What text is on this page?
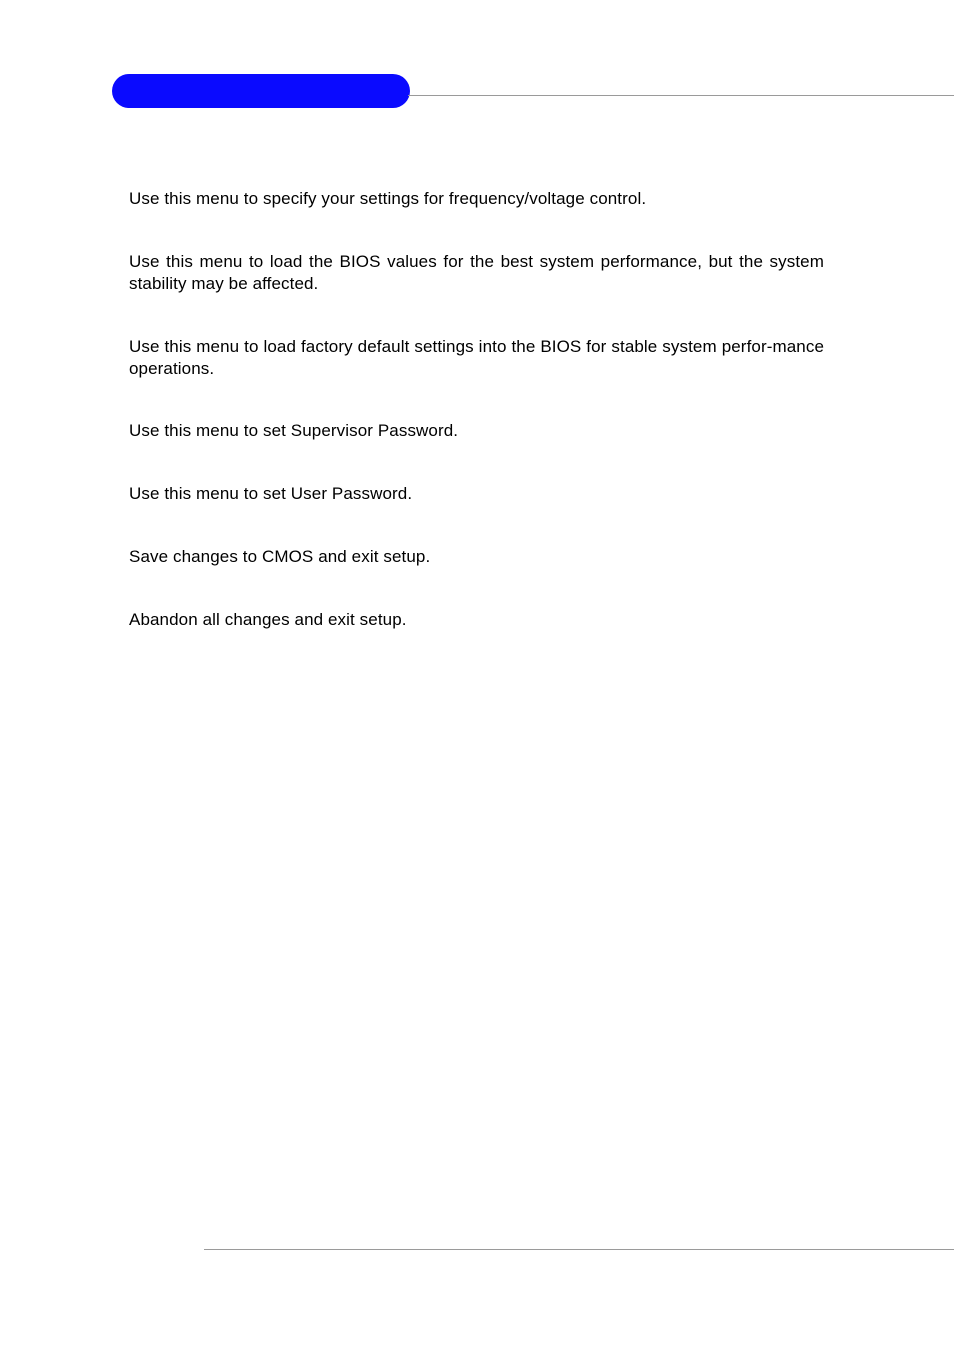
Use this menu to specify your settings for frequency/voltage control.

Use this menu to load the BIOS values for the best system performance, but the system stability may be affected.

Use this menu to load factory default settings into the BIOS for stable system perfor-mance operations.

Use this menu to set Supervisor Password.

Use this menu to set User Password.

Save changes to CMOS and exit setup.

Abandon all changes and exit setup.
